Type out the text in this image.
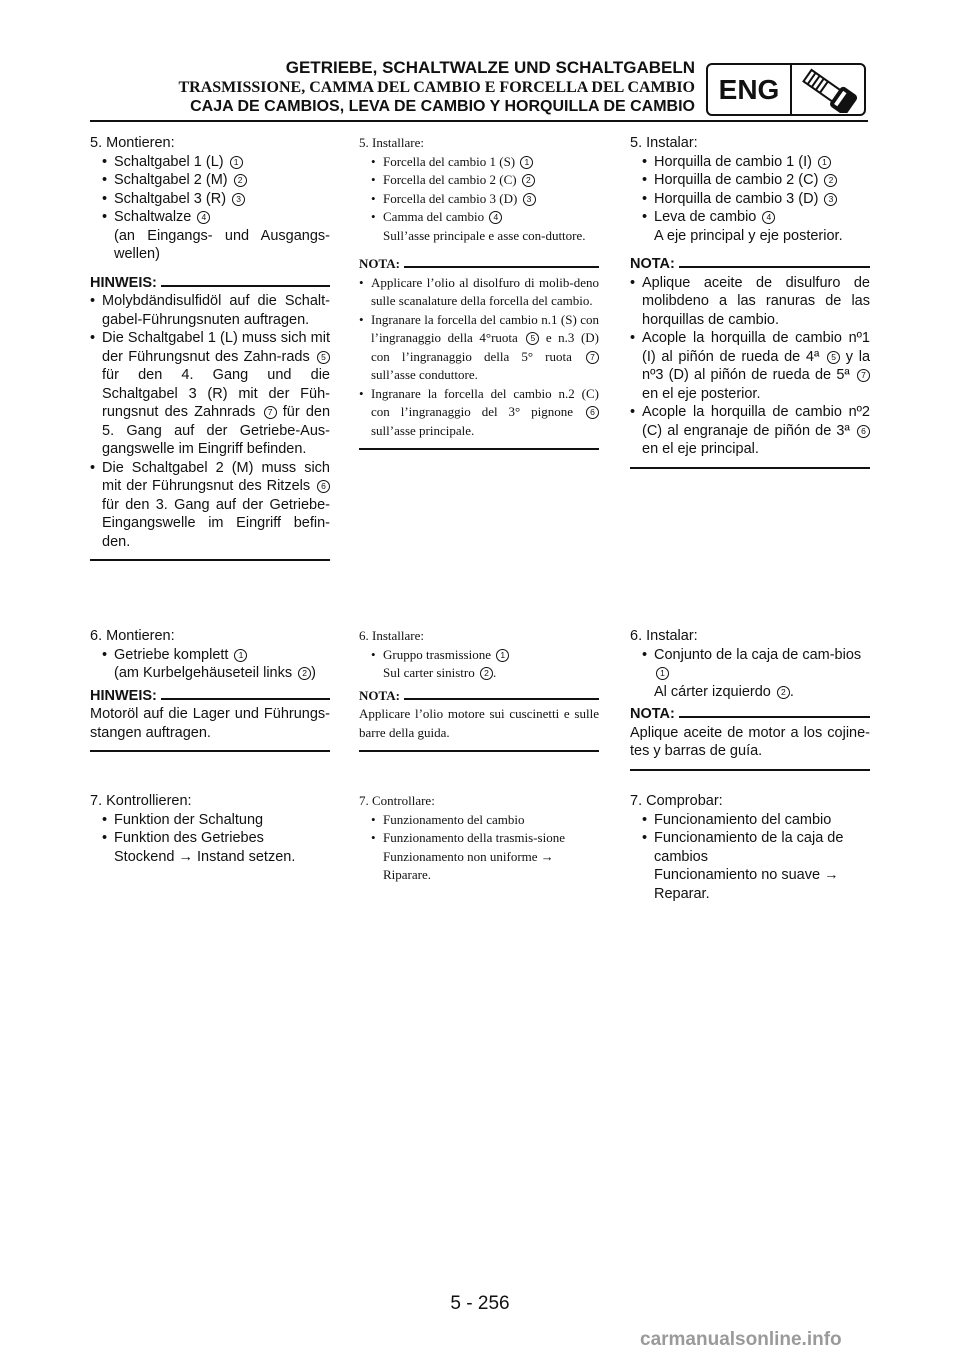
GETRIEBE, SCHALTWALZE UND SCHALTGABELN
TRASMISSIONE, CAMMA DEL CAMBIO E FORCELLA DEL CAMBIO
CAJA DE CAMBIOS, LEVA DE CAMBIO Y HORQUILLA DE CAMBIO
ENG

5. Montieren:

• Schaltgabel 1 (L) 1
• Schaltgabel 2 (M) 2
• Schaltgabel 3 (R) 3
• Schaltwalze 4
(an Eingangs- und Ausgangs-wellen)
HINWEIS:
• Molybdändisulfidöl auf die Schalt-gabel-Führungsnuten auftragen.
• Die Schaltgabel 1 (L) muss sich mit der Führungsnut des Zahn-rads 5 für den 4. Gang und die Schaltgabel 3 (R) mit der Füh-rungsnut des Zahnrads 7 für den 5. Gang auf der Getriebe-Aus-gangswelle im Eingriff befinden.
• Die Schaltgabel 2 (M) muss sich mit der Führungsnut des Ritzels 6 für den 3. Gang auf der Getriebe-Eingangswelle im Eingriff befin-den.

6. Montieren:

• Getriebe komplett 1
(am Kurbelgehäuseteil links 2 )
HINWEIS:

Motoröl auf die Lager und Führungs-stangen auftragen.

7. Kontrollieren:

• Funktion der Schaltung
• Funktion des Getriebes
Stockend → Instand setzen.

5. Installare:

• Forcella del cambio 1 (S) 1
• Forcella del cambio 2 (C) 2
• Forcella del cambio 3 (D) 3
• Camma del cambio 4
Sull’asse principale e asse con-duttore.
NOTA:
• Applicare l’olio al disolfuro di molib-deno sulle scanalature della forcella del cambio.
• Ingranare la forcella del cambio n.1 (S) con l’ingranaggio della 4°ruota 5 e n.3 (D) con l’ingranaggio della 5° ruota 7 sull’asse conduttore.
• Ingranare la forcella del cambio n.2 (C) con l’ingranaggio del 3° pignone 6 sull’asse principale.

6. Installare:

• Gruppo trasmissione 1
Sul carter sinistro 2 .
NOTA:

Applicare l’olio motore sui cuscinetti e sulle barre della guida.

7. Controllare:

• Funzionamento del cambio
• Funzionamento della trasmis-sione
Funzionamento non uniforme → Riparare.

5. Instalar:

• Horquilla de cambio 1 (I) 1
• Horquilla de cambio 2 (C) 2
• Horquilla de cambio 3 (D) 3
• Leva de cambio 4
A eje principal y eje posterior.
NOTA:
• Aplique aceite de disulfuro de molibdeno a las ranuras de las horquillas de cambio.
• Acople la horquilla de cambio nº1 (I) al piñón de rueda de 4ª 5 y la nº3 (D) al piñón de rueda de 5ª 7 en el eje posterior.
• Acople la horquilla de cambio nº2 (C) al engranaje de piñón de 3ª 6 en el eje principal.

6. Instalar:

• Conjunto de la caja de cam-bios 1
Al cárter izquierdo 2 .
NOTA:

Aplique aceite de motor a los cojine-tes y barras de guía.

7. Comprobar:

• Funcionamiento del cambio
• Funcionamiento de la caja de cambios
Funcionamiento no suave → Reparar.
5 - 256
carmanualsonline.info
